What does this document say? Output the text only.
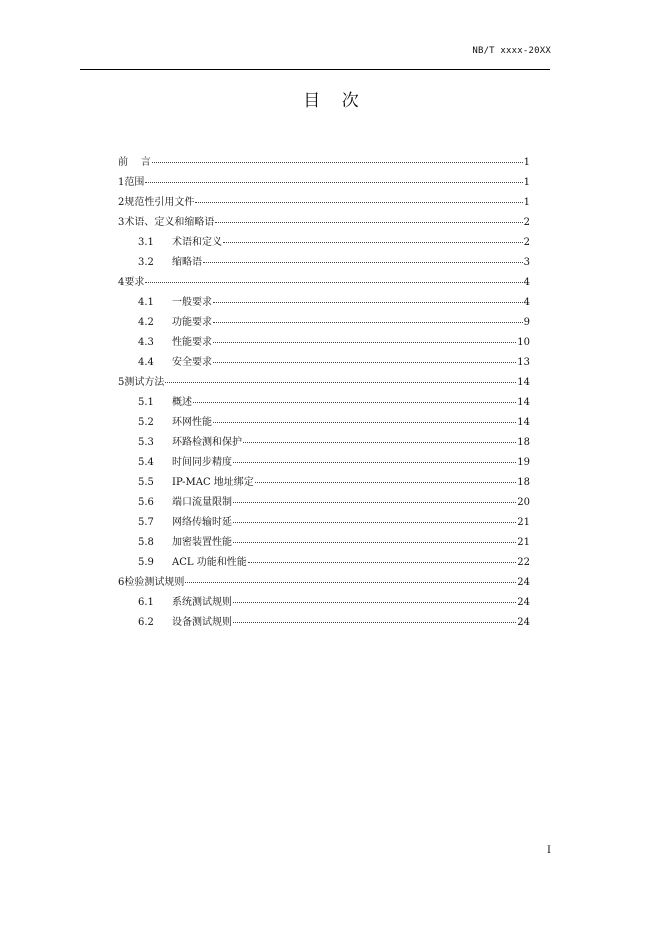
NB/T xxxx-20XX
目 次
前    言	1
1 范围	1
2 规范性引用文件	1
3 术语、定义和缩略语	2
3.1	术语和定义	2
3.2	缩略语	3
4 要求	4
4.1	一般要求	4
4.2	功能要求	9
4.3	性能要求	10
4.4	安全要求	13
5 测试方法	14
5.1	概述	14
5.2	环网性能	14
5.3	环路检测和保护	18
5.4	时间同步精度	19
5.5	IP-MAC 地址绑定	18
5.6	端口流量限制	20
5.7	网络传输时延	21
5.8	加密装置性能	21
5.9	ACL 功能和性能	22
6 检验测试规则	24
6.1	系统测试规则	24
6.2	设备测试规则	24
I
